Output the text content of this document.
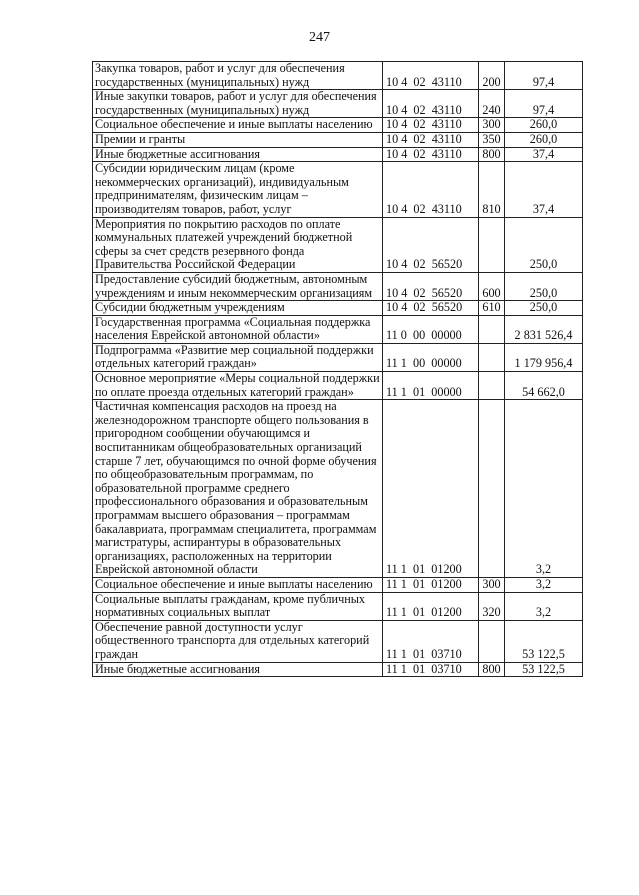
247
Закупка товаров, работ и услуг для обеспечения государственных (муниципальных) нужд	10 4  02  43110	200	97,4
Иные закупки товаров, работ и услуг для обеспечения государственных (муниципальных) нужд	10 4  02  43110	240	97,4
Социальное обеспечение и иные выплаты населению	10 4  02  43110	300	260,0
Премии и гранты	10 4  02  43110	350	260,0
Иные бюджетные ассигнования	10 4  02  43110	800	37,4
Субсидии юридическим лицам (кроме некоммерческих организаций), индивидуальным предпринимателям, физическим лицам – производителям товаров, работ, услуг	10 4  02  43110	810	37,4
Мероприятия по покрытию расходов по оплате коммунальных платежей учреждений бюджетной сферы за счет средств резервного фонда Правительства Российской Федерации	10 4  02  56520		250,0
Предоставление субсидий бюджетным, автономным учреждениям и иным некоммерческим организациям	10 4  02  56520	600	250,0
Субсидии бюджетным учреждениям	10 4  02  56520	610	250,0
Государственная программа «Социальная поддержка населения Еврейской автономной области»	11 0  00  00000		2 831 526,4
Подпрограмма «Развитие мер социальной поддержки отдельных категорий граждан»	11 1  00  00000		1 179 956,4
Основное мероприятие «Меры социальной поддержки по оплате проезда отдельных категорий граждан»	11 1  01  00000		54 662,0
Частичная компенсация расходов на проезд на железнодорожном транспорте общего пользования в пригородном сообщении обучающимся и воспитанникам общеобразовательных организаций старше 7 лет, обучающимся по очной форме обучения по общеобразовательным программам, по образовательной программе среднего профессионального образования и образовательным программам высшего образования – программам бакалавриата, программам специалитета, программам магистратуры, аспирантуры в образовательных организациях, расположенных на территории Еврейской автономной области	11 1  01  01200		3,2
Социальное обеспечение и иные выплаты населению	11 1  01  01200	300	3,2
Социальные выплаты гражданам, кроме публичных нормативных социальных выплат	11 1  01  01200	320	3,2
Обеспечение равной доступности услуг общественного транспорта для отдельных категорий граждан	11 1  01  03710		53 122,5
Иные бюджетные ассигнования	11 1  01  03710	800	53 122,5
